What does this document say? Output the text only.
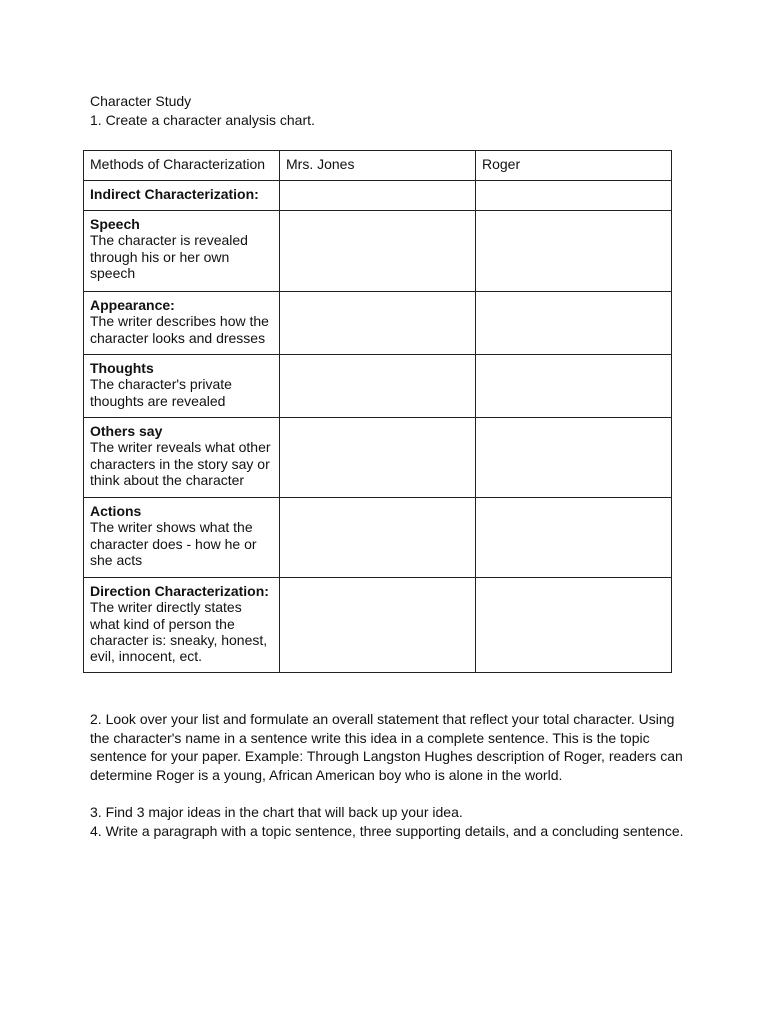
Character Study
1. Create a character analysis chart.
Methods of Characterization	Mrs. Jones	Roger

Indirect Characterization:		

Speech
The character is revealed through his or her own speech		

Appearance:
The writer describes how the character looks and dresses		

Thoughts
The character's private thoughts are revealed		

Others say
The writer reveals what other characters in the story say or think about the character		

Actions
The writer shows what the character does - how he or she acts		

Direction Characterization:
The writer directly states what kind of person the character is: sneaky, honest, evil, innocent, ect.		

2. Look over your list and formulate an overall statement that reflect your total character. Using the character's name in a sentence write this idea in a complete sentence. This is the topic sentence for your paper. Example: Through Langston Hughes description of Roger, readers can determine Roger is a young, African American boy who is alone in the world.

3. Find 3 major ideas in the chart that will back up your idea.

4. Write a paragraph with a topic sentence, three supporting details, and a concluding sentence.
